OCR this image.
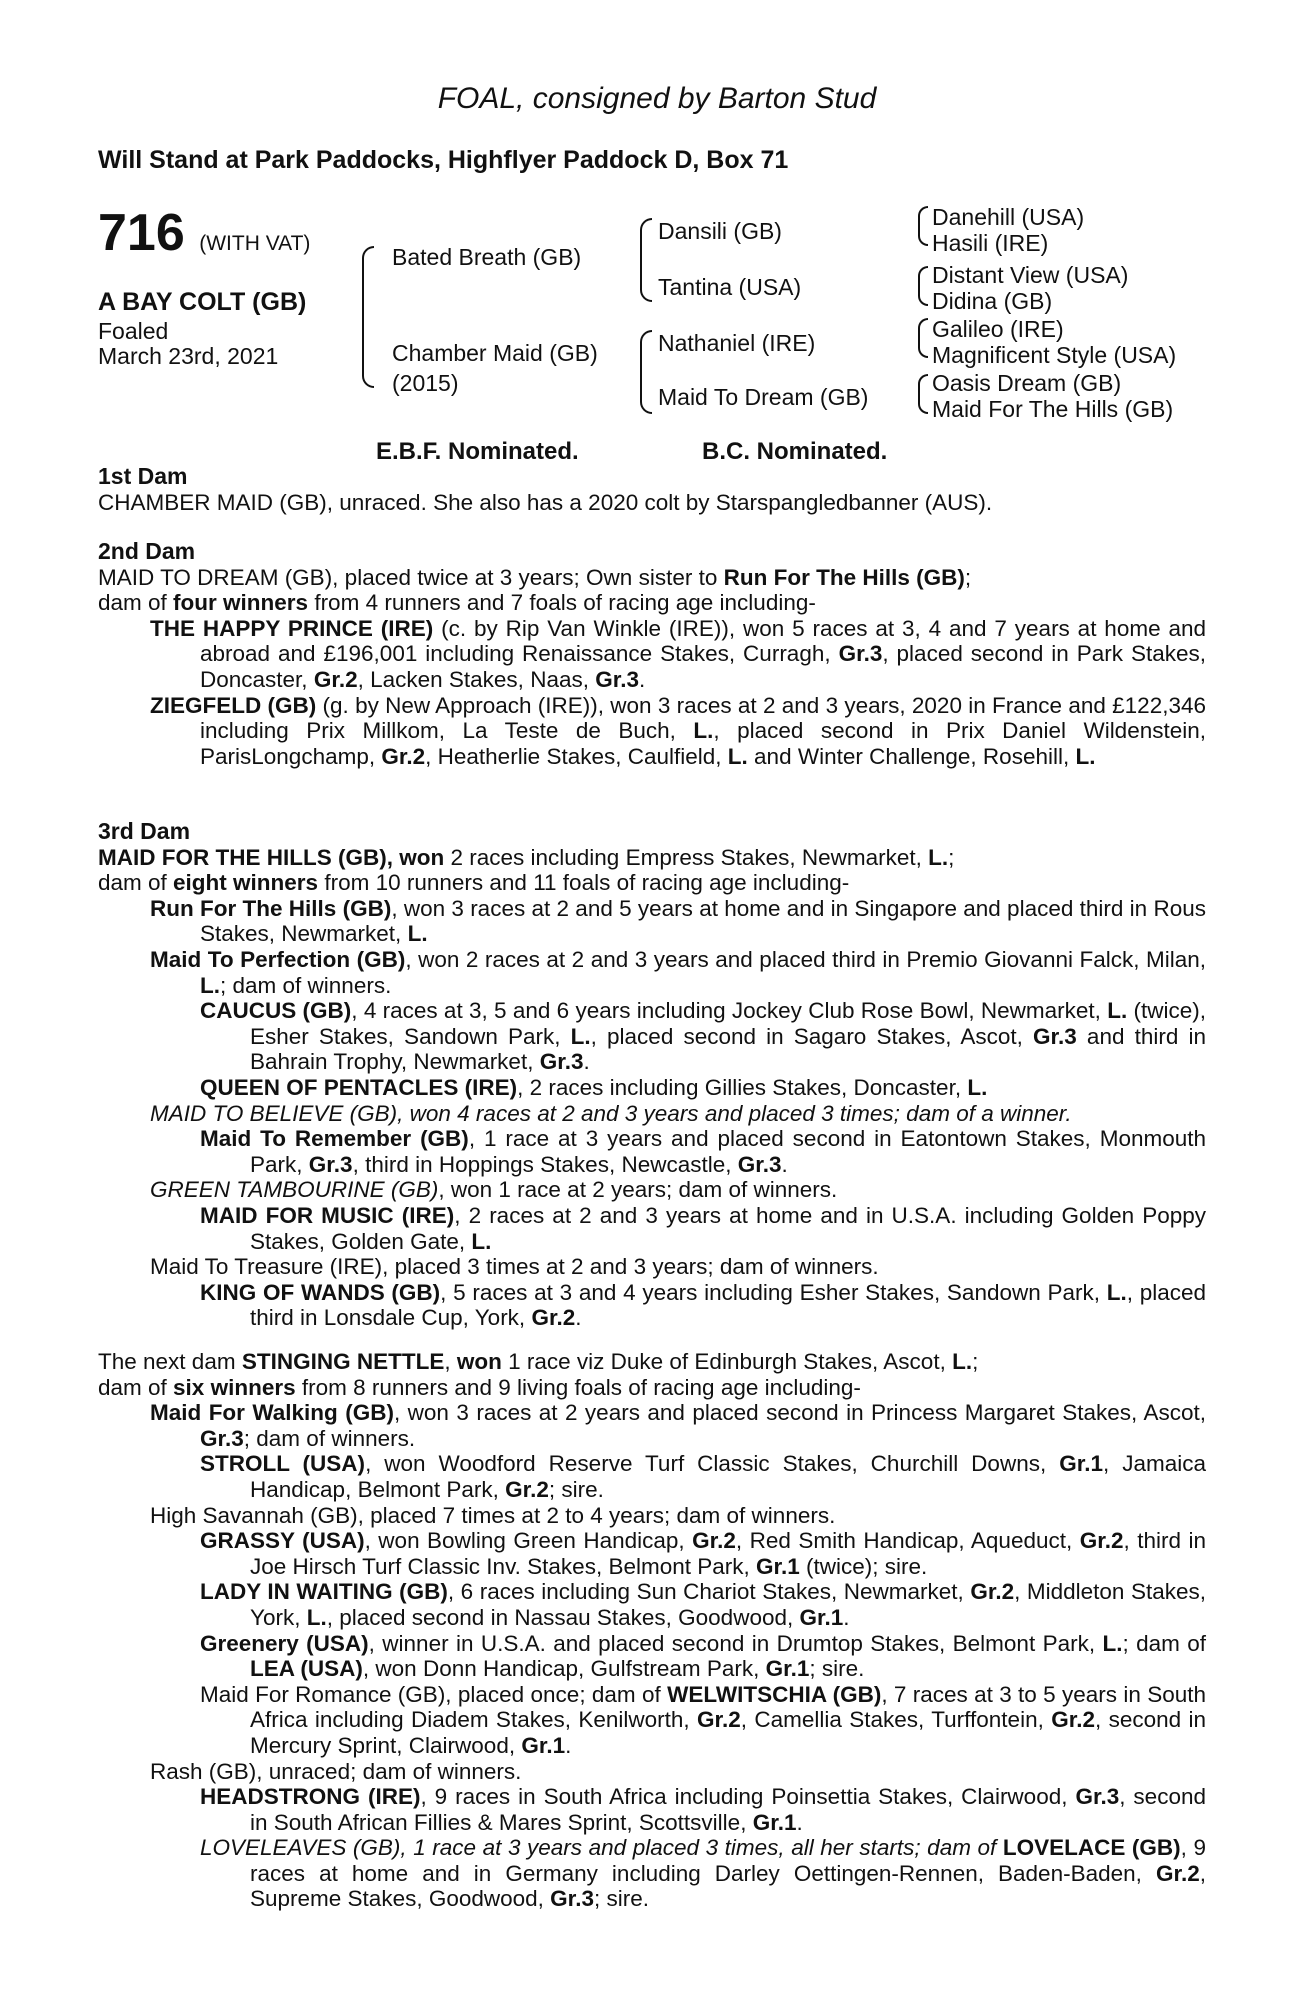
FOAL, consigned by Barton Stud
Will Stand at Park Paddocks, Highflyer Paddock D, Box 71
716 (WITH VAT)
A BAY COLT (GB)
Foaled
March 23rd, 2021
Bated Breath (GB)
Chamber Maid (GB)
(2015)
Dansili (GB)
Tantina (USA)
Nathaniel (IRE)
Maid To Dream (GB)
Danehill (USA)
Hasili (IRE)
Distant View (USA)
Didina (GB)
Galileo (IRE)
Magnificent Style (USA)
Oasis Dream (GB)
Maid For The Hills (GB)
E.B.F. Nominated.	B.C. Nominated.

1st Dam

CHAMBER MAID (GB), unraced. She also has a 2020 colt by Starspangledbanner (AUS).

2nd Dam

MAID TO DREAM (GB), placed twice at 3 years; Own sister to Run For The Hills (GB);

dam of four winners from 4 runners and 7 foals of racing age including-

THE HAPPY PRINCE (IRE) (c. by Rip Van Winkle (IRE)), won 5 races at 3, 4 and 7 years at home and abroad and £196,001 including Renaissance Stakes, Curragh, Gr.3, placed second in Park Stakes, Doncaster, Gr.2, Lacken Stakes, Naas, Gr.3.

ZIEGFELD (GB) (g. by New Approach (IRE)), won 3 races at 2 and 3 years, 2020 in France and £122,346 including Prix Millkom, La Teste de Buch, L., placed second in Prix Daniel Wildenstein, ParisLongchamp, Gr.2, Heatherlie Stakes, Caulfield, L. and Winter Challenge, Rosehill, L.

3rd Dam

MAID FOR THE HILLS (GB), won 2 races including Empress Stakes, Newmarket, L.;

dam of eight winners from 10 runners and 11 foals of racing age including-

Run For The Hills (GB), won 3 races at 2 and 5 years at home and in Singapore and placed third in Rous Stakes, Newmarket, L.

Maid To Perfection (GB), won 2 races at 2 and 3 years and placed third in Premio Giovanni Falck, Milan, L.; dam of winners.

CAUCUS (GB), 4 races at 3, 5 and 6 years including Jockey Club Rose Bowl, Newmarket, L. (twice), Esher Stakes, Sandown Park, L., placed second in Sagaro Stakes, Ascot, Gr.3 and third in Bahrain Trophy, Newmarket, Gr.3.

QUEEN OF PENTACLES (IRE), 2 races including Gillies Stakes, Doncaster, L.

MAID TO BELIEVE (GB), won 4 races at 2 and 3 years and placed 3 times; dam of a winner.

Maid To Remember (GB), 1 race at 3 years and placed second in Eatontown Stakes, Monmouth Park, Gr.3, third in Hoppings Stakes, Newcastle, Gr.3.

GREEN TAMBOURINE (GB), won 1 race at 2 years; dam of winners.

MAID FOR MUSIC (IRE), 2 races at 2 and 3 years at home and in U.S.A. including Golden Poppy Stakes, Golden Gate, L.

Maid To Treasure (IRE), placed 3 times at 2 and 3 years; dam of winners.

KING OF WANDS (GB), 5 races at 3 and 4 years including Esher Stakes, Sandown Park, L., placed third in Lonsdale Cup, York, Gr.2.

The next dam STINGING NETTLE, won 1 race viz Duke of Edinburgh Stakes, Ascot, L.;

dam of six winners from 8 runners and 9 living foals of racing age including-

Maid For Walking (GB), won 3 races at 2 years and placed second in Princess Margaret Stakes, Ascot, Gr.3; dam of winners.

STROLL (USA), won Woodford Reserve Turf Classic Stakes, Churchill Downs, Gr.1, Jamaica Handicap, Belmont Park, Gr.2; sire.

High Savannah (GB), placed 7 times at 2 to 4 years; dam of winners.

GRASSY (USA), won Bowling Green Handicap, Gr.2, Red Smith Handicap, Aqueduct, Gr.2, third in Joe Hirsch Turf Classic Inv. Stakes, Belmont Park, Gr.1 (twice); sire.

LADY IN WAITING (GB), 6 races including Sun Chariot Stakes, Newmarket, Gr.2, Middleton Stakes, York, L., placed second in Nassau Stakes, Goodwood, Gr.1.

Greenery (USA), winner in U.S.A. and placed second in Drumtop Stakes, Belmont Park, L.; dam of LEA (USA), won Donn Handicap, Gulfstream Park, Gr.1; sire.

Maid For Romance (GB), placed once; dam of WELWITSCHIA (GB), 7 races at 3 to 5 years in South Africa including Diadem Stakes, Kenilworth, Gr.2, Camellia Stakes, Turffontein, Gr.2, second in Mercury Sprint, Clairwood, Gr.1.

Rash (GB), unraced; dam of winners.

HEADSTRONG (IRE), 9 races in South Africa including Poinsettia Stakes, Clairwood, Gr.3, second in South African Fillies & Mares Sprint, Scottsville, Gr.1.

LOVELEAVES (GB), 1 race at 3 years and placed 3 times, all her starts; dam of LOVELACE (GB), 9 races at home and in Germany including Darley Oettingen-Rennen, Baden-Baden, Gr.2, Supreme Stakes, Goodwood, Gr.3; sire.
